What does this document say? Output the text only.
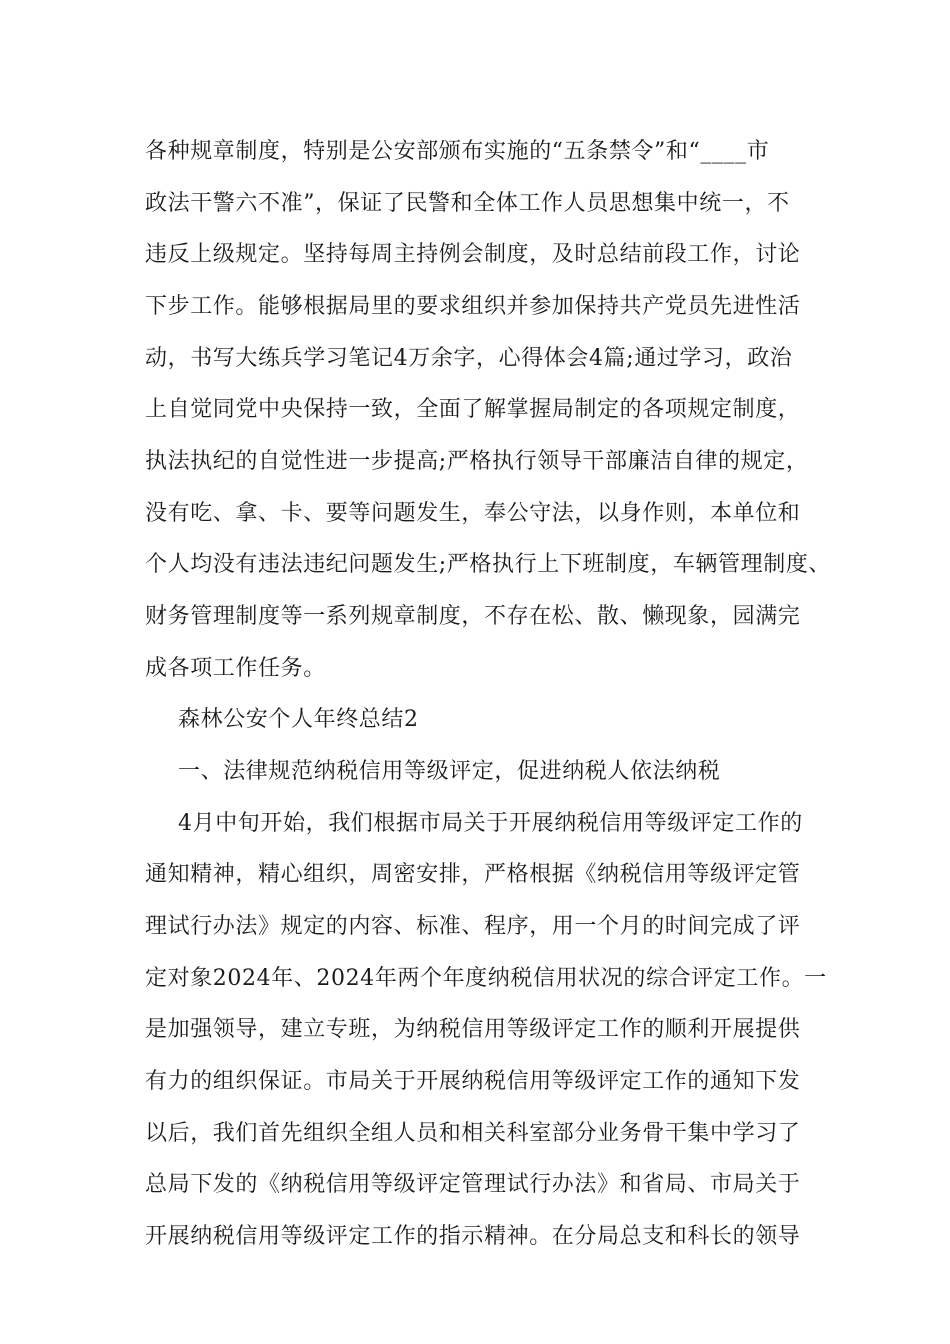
各种规章制度，特别是公安部颁布实施的“五条禁令”和“____市
政法干警六不准”，保证了民警和全体工作人员思想集中统一，不
违反上级规定。坚持每周主持例会制度，及时总结前段工作，讨论
下步工作。能够根据局里的要求组织并参加保持共产党员先进性活
动，书写大练兵学习笔记4万余字，心得体会4篇;通过学习，政治
上自觉同党中央保持一致，全面了解掌握局制定的各项规定制度，
执法执纪的自觉性进一步提高;严格执行领导干部廉洁自律的规定，
没有吃、拿、卡、要等问题发生，奉公守法，以身作则，本单位和
个人均没有违法违纪问题发生;严格执行上下班制度，车辆管理制度、
财务管理制度等一系列规章制度，不存在松、散、懒现象，园满完
成各项工作任务。
森林公安个人年终总结2
一、法律规范纳税信用等级评定，促进纳税人依法纳税
4月中旬开始，我们根据市局关于开展纳税信用等级评定工作的
通知精神，精心组织，周密安排，严格根据《纳税信用等级评定管
理试行办法》规定的内容、标准、程序，用一个月的时间完成了评
定对象2024年、2024年两个年度纳税信用状况的综合评定工作。一
是加强领导，建立专班，为纳税信用等级评定工作的顺利开展提供
有力的组织保证。市局关于开展纳税信用等级评定工作的通知下发
以后，我们首先组织全组人员和相关科室部分业务骨干集中学习了
总局下发的《纳税信用等级评定管理试行办法》和省局、市局关于
开展纳税信用等级评定工作的指示精神。在分局总支和科长的领导
